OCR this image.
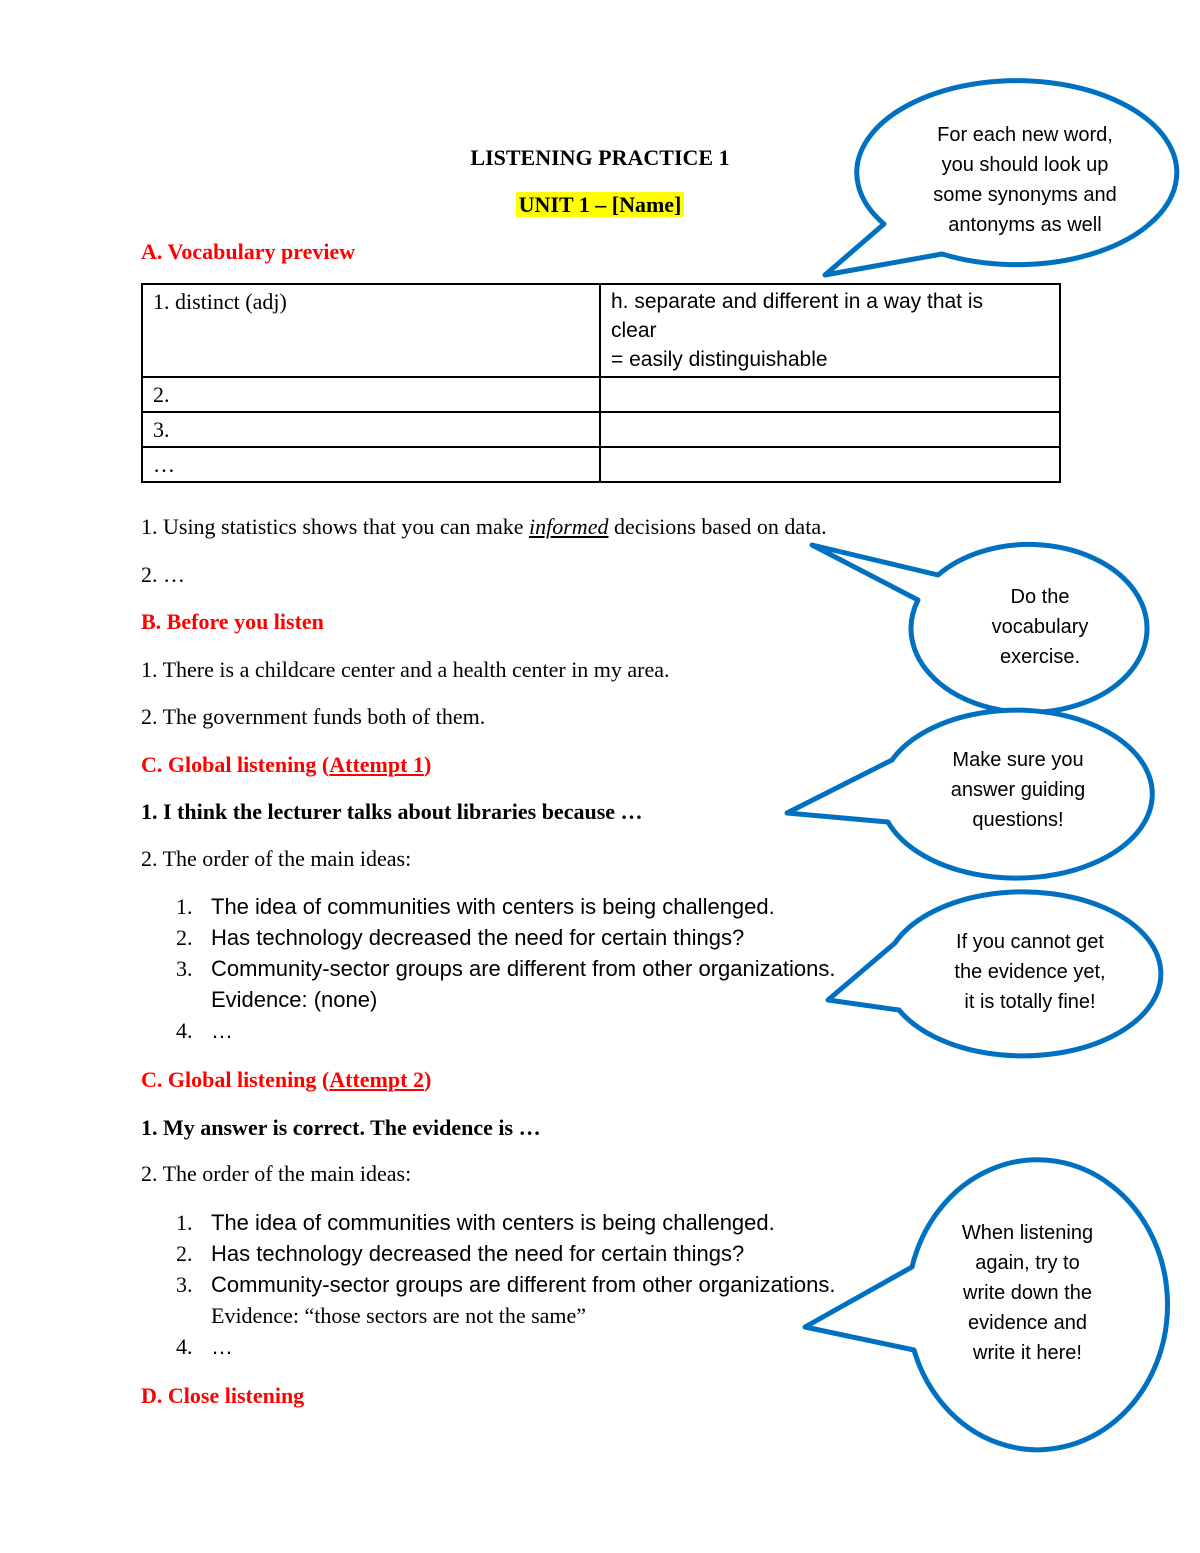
LISTENING PRACTICE 1
UNIT 1 – [Name]
A. Vocabulary preview
1. distinct (adj)	h. separate and different in a way that is
clear
= easily distinguishable

2.	
3.	
…	
1. Using statistics shows that you can make informed decisions based on data.
2. …
B. Before you listen
1. There is a childcare center and a health center in my area.
2. The government funds both of them.
C. Global listening (Attempt 1)
1. I think the lecturer talks about libraries because …
2. The order of the main ideas:
1. The idea of communities with centers is being challenged.
2. Has technology decreased the need for certain things?
3. Community-sector groups are different from other organizations.
Evidence: (none)
4. …
C. Global listening (Attempt 2)
1. My answer is correct. The evidence is …
2. The order of the main ideas:
1. The idea of communities with centers is being challenged.
2. Has technology decreased the need for certain things?
3. Community-sector groups are different from other organizations.
Evidence: “those sectors are not the same”
4. …
D. Close listening
For each new word,
you should look up
some synonyms and
antonyms as well
Do the
vocabulary
exercise.
Make sure you
answer guiding
questions!
If you cannot get
the evidence yet,
it is totally fine!
When listening
again, try to
write down the
evidence and
write it here!
